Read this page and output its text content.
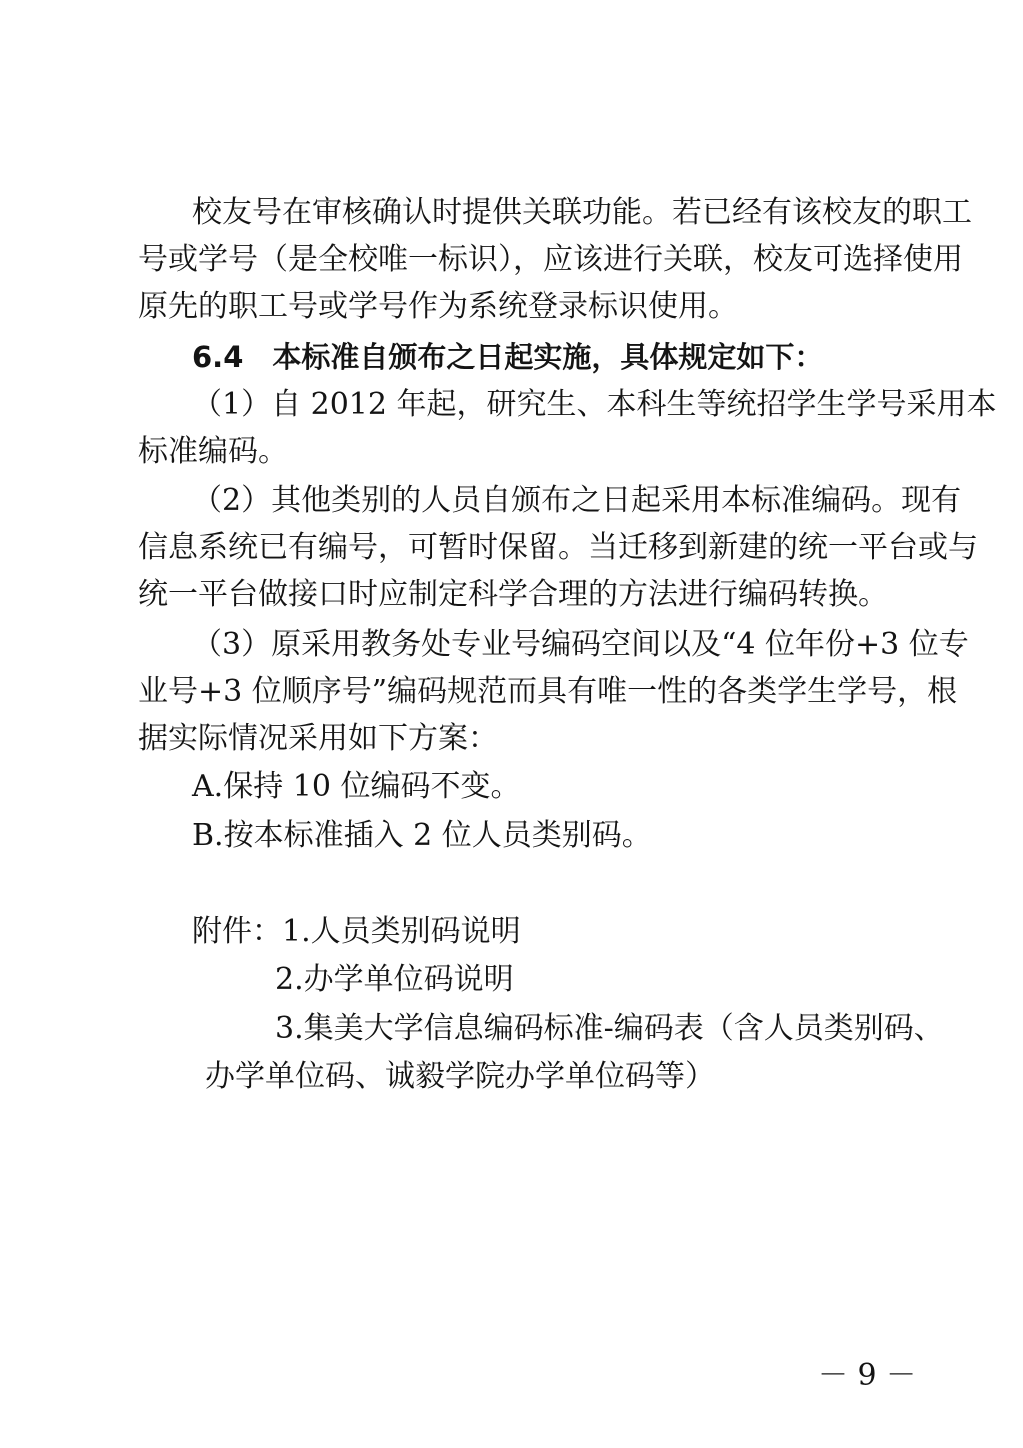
校友号在审核确认时提供关联功能。若已经有该校友的职工
号或学号（是全校唯一标识），应该进行关联，校友可选择使用
原先的职工号或学号作为系统登录标识使用。
6.4　本标准自颁布之日起实施，具体规定如下：
（1）自 2012 年起，研究生、本科生等统招学生学号采用本
标准编码。
（2）其他类别的人员自颁布之日起采用本标准编码。现有
信息系统已有编号，可暂时保留。当迁移到新建的统一平台或与
统一平台做接口时应制定科学合理的方法进行编码转换。
（3）原采用教务处专业号编码空间以及“4 位年份+3 位专
业号+3 位顺序号”编码规范而具有唯一性的各类学生学号，根
据实际情况采用如下方案：
A.保持 10 位编码不变。
B.按本标准插入 2 位人员类别码。
附件：1.人员类别码说明
2.办学单位码说明
3.集美大学信息编码标准-编码表（含人员类别码、
办学单位码、诚毅学院办学单位码等）
－ 9 －
